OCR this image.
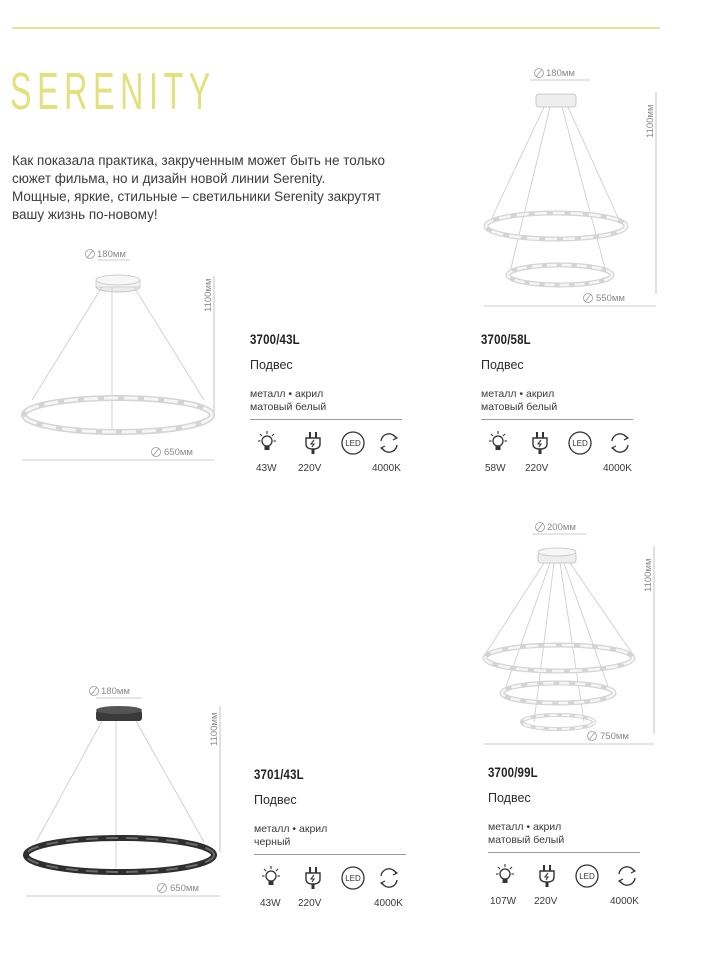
SERENITY
Как показала практика, закрученным может быть не только
сюжет фильма, но и дизайн новой линии Serenity.
Мощные, яркие, стильные – светильники Serenity закрутят
вашу жизнь по-новому!
180мм
1100мм
650мм
180мм
1100мм
550мм
180мм
1100мм
650мм
200мм
1100мм
750мм
3700/43L
Подвес
металл • акрил
матовый белый
LED
43W 220V	4000K
3700/58L
Подвес
металл • акрил
матовый белый
LED
58W 220V	4000K
3701/43L
Подвес
металл • акрил
черный
LED
43W 220V	4000K
3700/99L
Подвес
металл • акрил
матовый белый
LED
107W 220V	4000K
